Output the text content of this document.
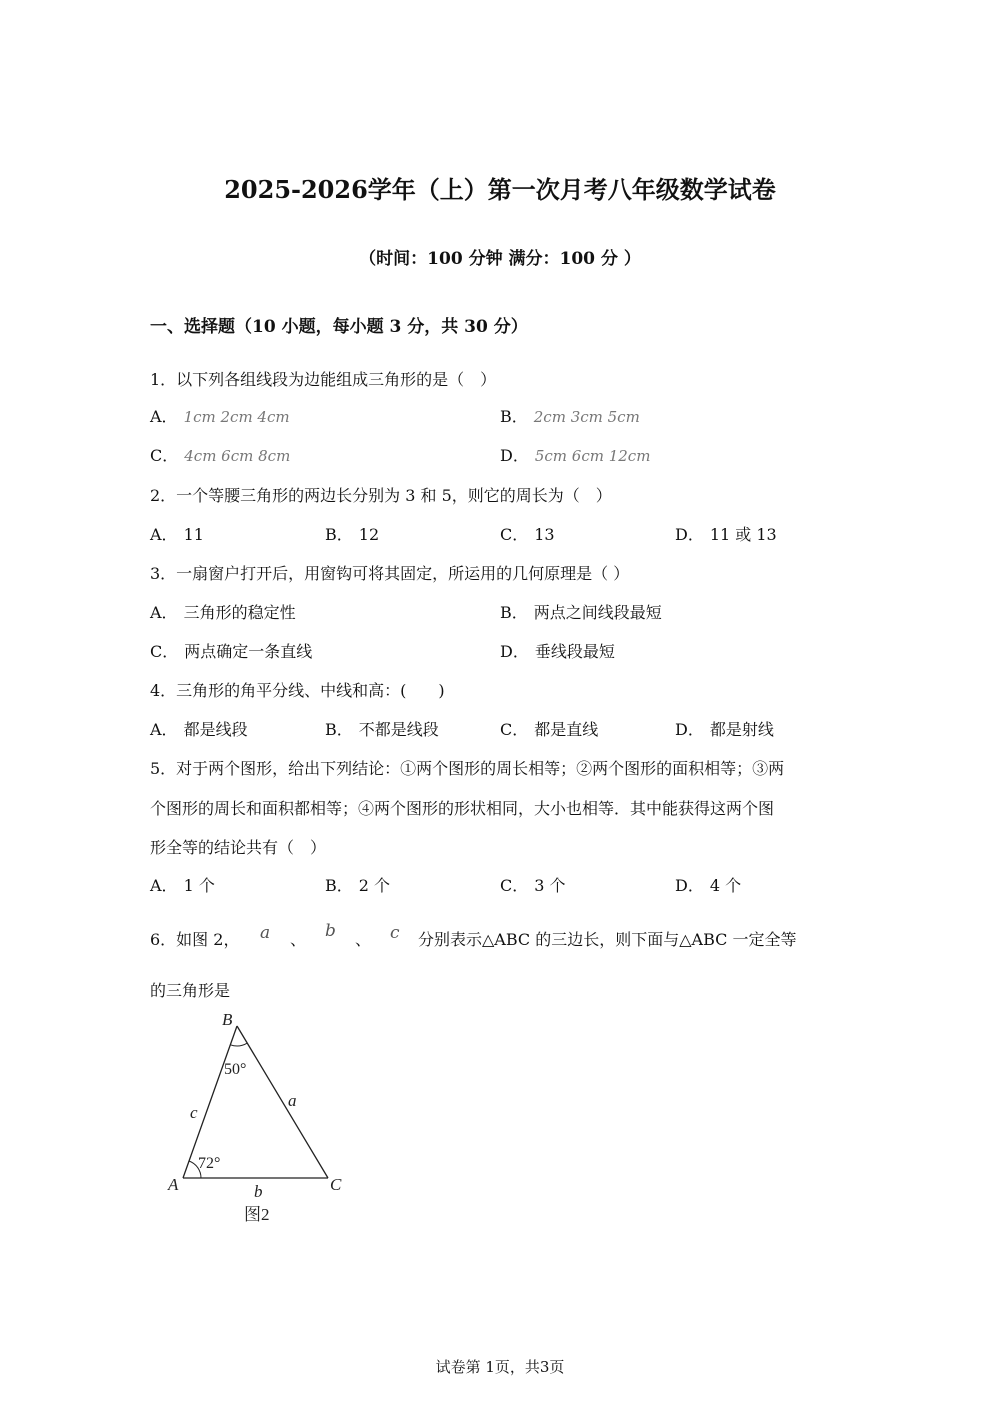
2025-2026学年（上）第一次月考八年级数学试卷
（时间：100 分钟 满分：100 分 ）
一、选择题（10 小题，每小题 3 分，共 30 分）
1．以下列各组线段为边能组成三角形的是（　）
A． 1cm 2cm 4cm	B． 2cm 3cm 5cm
C． 4cm 6cm 8cm	D． 5cm 6cm 12cm
2．一个等腰三角形的两边长分别为 3 和 5，则它的周长为（　）
A． 11	B． 12	C． 13	D． 11 或 13
3．一扇窗户打开后，用窗钩可将其固定，所运用的几何原理是（ ）
A． 三角形的稳定性	B． 两点之间线段最短
C． 两点确定一条直线	D． 垂线段最短
4．三角形的角平分线、中线和高：(　　)
A． 都是线段	B． 不都是线段	C． 都是直线	D． 都是射线
5．对于两个图形，给出下列结论：①两个图形的周长相等；②两个图形的面积相等；③两
个图形的周长和面积都相等；④两个图形的形状相同，大小也相等．其中能获得这两个图
形全等的结论共有（　）
A． 1 个	B． 2 个	C． 3 个	D． 4 个
6．如图 2， a 、 b 、 c 分别表示△ABC 的三边长，则下面与△ABC 一定全等
的三角形是
B
A	C
50°
72°
a
c
b
图2
试卷第 1页，共3页
